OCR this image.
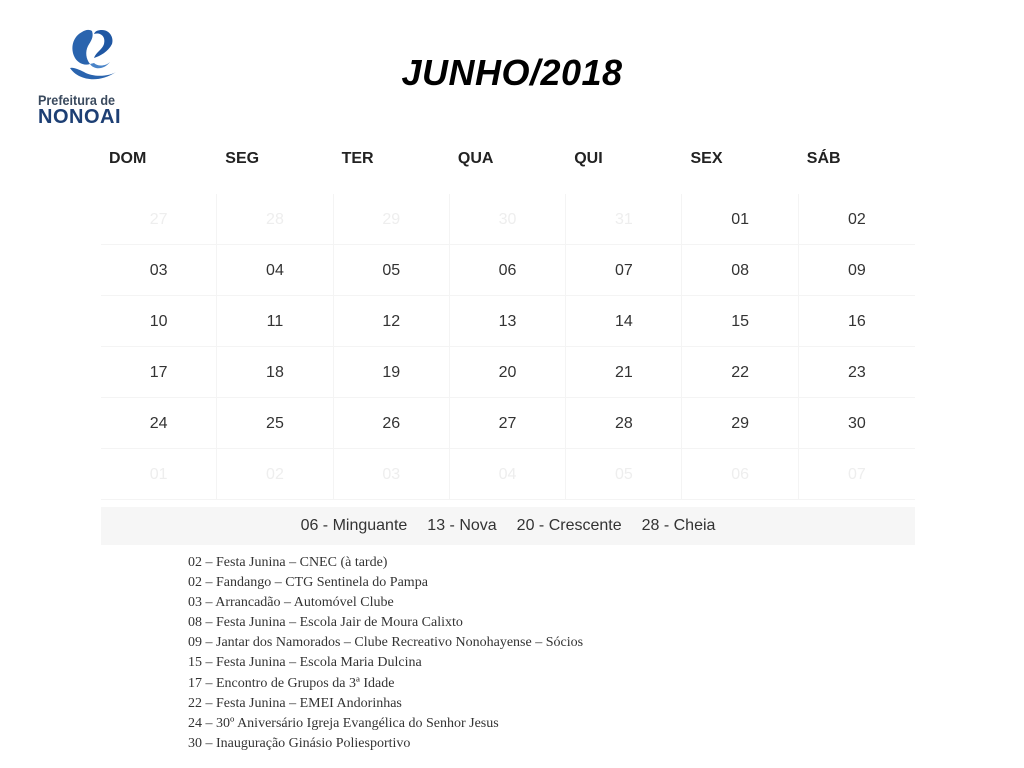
Prefeitura de
NONOAI
JUNHO/2018
DOM	SEG	TER	QUA	QUI	SEX	SÁB
27	28	29	30	31	01	02
03	04	05	06	07	08	09
10	11	12	13	14	15	16
17	18	19	20	21	22	23
24	25	26	27	28	29	30
01	02	03	04	05	06	07
06 - Minguante 13 - Nova 20 - Crescente 28 - Cheia
02 – Festa Junina – CNEC (à tarde)
02 – Fandango – CTG Sentinela do Pampa
03 – Arrancadão – Automóvel Clube
08 – Festa Junina – Escola Jair de Moura Calixto
09 – Jantar dos Namorados – Clube Recreativo Nonohayense – Sócios
15 – Festa Junina – Escola Maria Dulcina
17 – Encontro de Grupos da 3ª Idade
22 – Festa Junina – EMEI Andorinhas
24 – 30º Aniversário Igreja Evangélica do Senhor Jesus
30 – Inauguração Ginásio Poliesportivo
